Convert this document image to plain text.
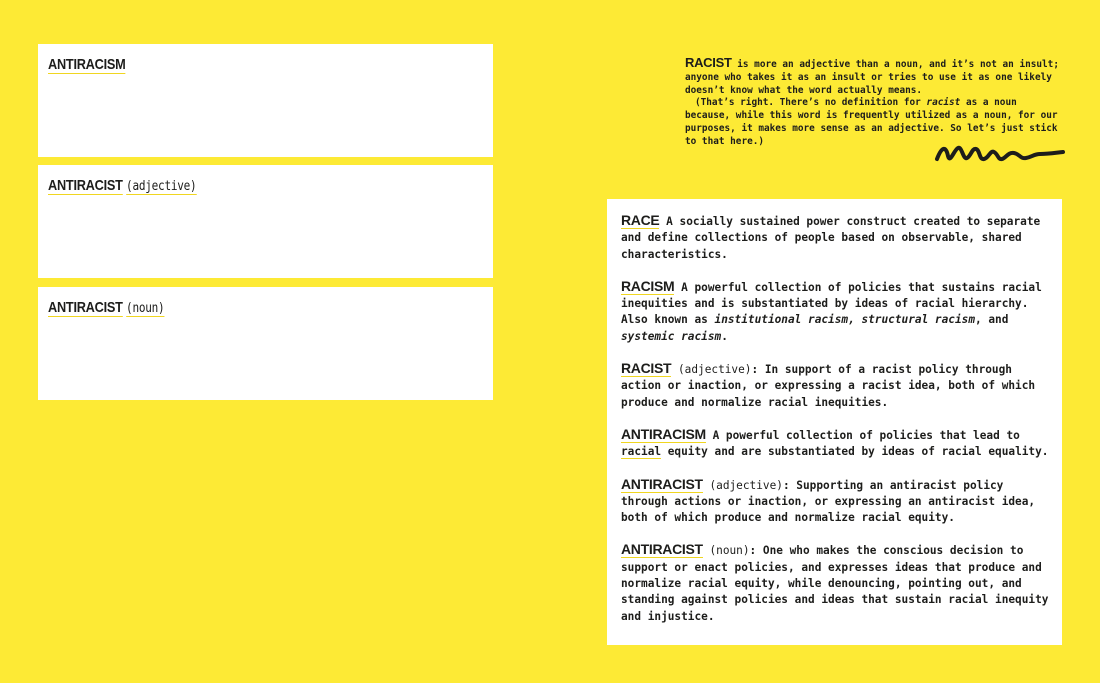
ANTIRACISM
ANTIRACIST (adjective)
ANTIRACIST (noun)

RACIST is more an adjective than a noun, and it’s not an insult; anyone who takes it as an insult or tries to use it as one likely doesn’t know what the word actually means.

(That’s right. There’s no definition for racist as a noun because, while this word is frequently utilized as a noun, for our purposes, it makes more sense as an adjective. So let’s just stick to that here.)

RACE A socially sustained power construct created to separate and define collections of people based on observable, shared characteristics.

RACISM A powerful collection of policies that sustains racial inequities and is substantiated by ideas of racial hierarchy. Also known as institutional racism, structural racism, and systemic racism.

RACIST (adjective): In support of a racist policy through action or inaction, or expressing a racist idea, both of which produce and normalize racial inequities.

ANTIRACISM A powerful collection of policies that lead to racial equity and are substantiated by ideas of racial equality.

ANTIRACIST (adjective): Supporting an antiracist policy through actions or inaction, or expressing an antiracist idea, both of which produce and normalize racial equity.

ANTIRACIST (noun): One who makes the conscious decision to support or enact policies, and expresses ideas that produce and normalize racial equity, while denouncing, pointing out, and standing against policies and ideas that sustain racial inequity and injustice.
